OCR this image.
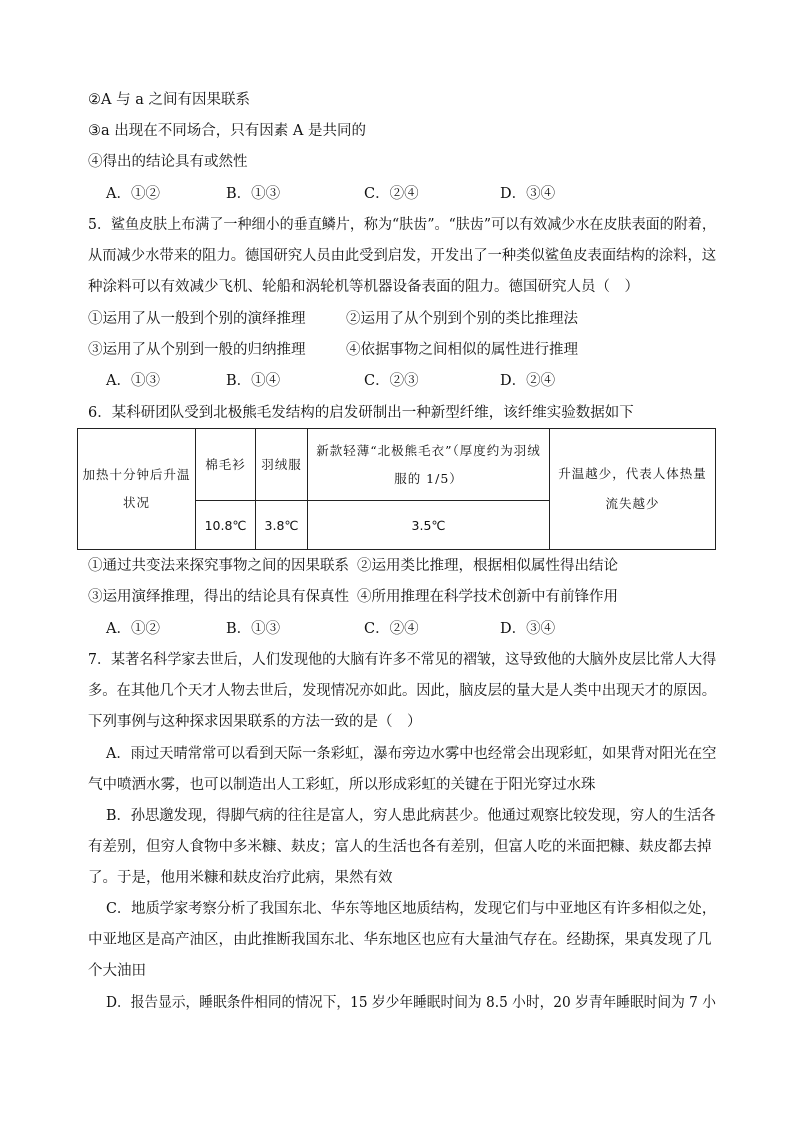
②A 与 a 之间有因果联系
③a 出现在不同场合，只有因素 A 是共同的
④得出的结论具有或然性
A．①②	B．①③	C．②④	D．③④
5．鲨鱼皮肤上布满了一种细小的垂直鳞片，称为“肤齿”。“肤齿”可以有效减少水在皮肤表面的附着，
从而减少水带来的阻力。德国研究人员由此受到启发，开发出了一种类似鲨鱼皮表面结构的涂料，这
种涂料可以有效减少飞机、轮船和涡轮机等机器设备表面的阻力。德国研究人员（　）
①运用了从一般到个别的演绎推理	②运用了从个别到个别的类比推理法
③运用了从个别到一般的归纳推理	④依据事物之间相似的属性进行推理
A．①③	B．①④	C．②③	D．②④
6．某科研团队受到北极熊毛发结构的启发研制出一种新型纤维，该纤维实验数据如下
加热十分钟后升温状况	棉毛衫	羽绒服	新款轻薄“北极熊毛衣”（厚度约为羽绒服的 1/5）	升温越少，代表人体热量流失越少
	10.8℃	3.8℃	3.5℃	
①通过共变法来探究事物之间的因果联系 ②运用类比推理，根据相似属性得出结论
③运用演绎推理，得出的结论具有保真性 ④所用推理在科学技术创新中有前锋作用
A．①②	B．①③	C．②④	D．③④
7．某著名科学家去世后，人们发现他的大脑有许多不常见的褶皱，这导致他的大脑外皮层比常人大得
多。在其他几个天才人物去世后，发现情况亦如此。因此，脑皮层的量大是人类中出现天才的原因。
下列事例与这种探求因果联系的方法一致的是（　）
A．雨过天晴常常可以看到天际一条彩虹，瀑布旁边水雾中也经常会出现彩虹，如果背对阳光在空
气中喷洒水雾，也可以制造出人工彩虹，所以形成彩虹的关键在于阳光穿过水珠
B．孙思邈发现，得脚气病的往往是富人，穷人患此病甚少。他通过观察比较发现，穷人的生活各
有差别，但穷人食物中多米糠、麸皮；富人的生活也各有差别，但富人吃的米面把糠、麸皮都去掉
了。于是，他用米糠和麸皮治疗此病，果然有效
C．地质学家考察分析了我国东北、华东等地区地质结构，发现它们与中亚地区有许多相似之处，
中亚地区是高产油区，由此推断我国东北、华东地区也应有大量油气存在。经勘探，果真发现了几
个大油田
D．报告显示，睡眠条件相同的情况下，15 岁少年睡眠时间为 8.5 小时，20 岁青年睡眠时间为 7 小
